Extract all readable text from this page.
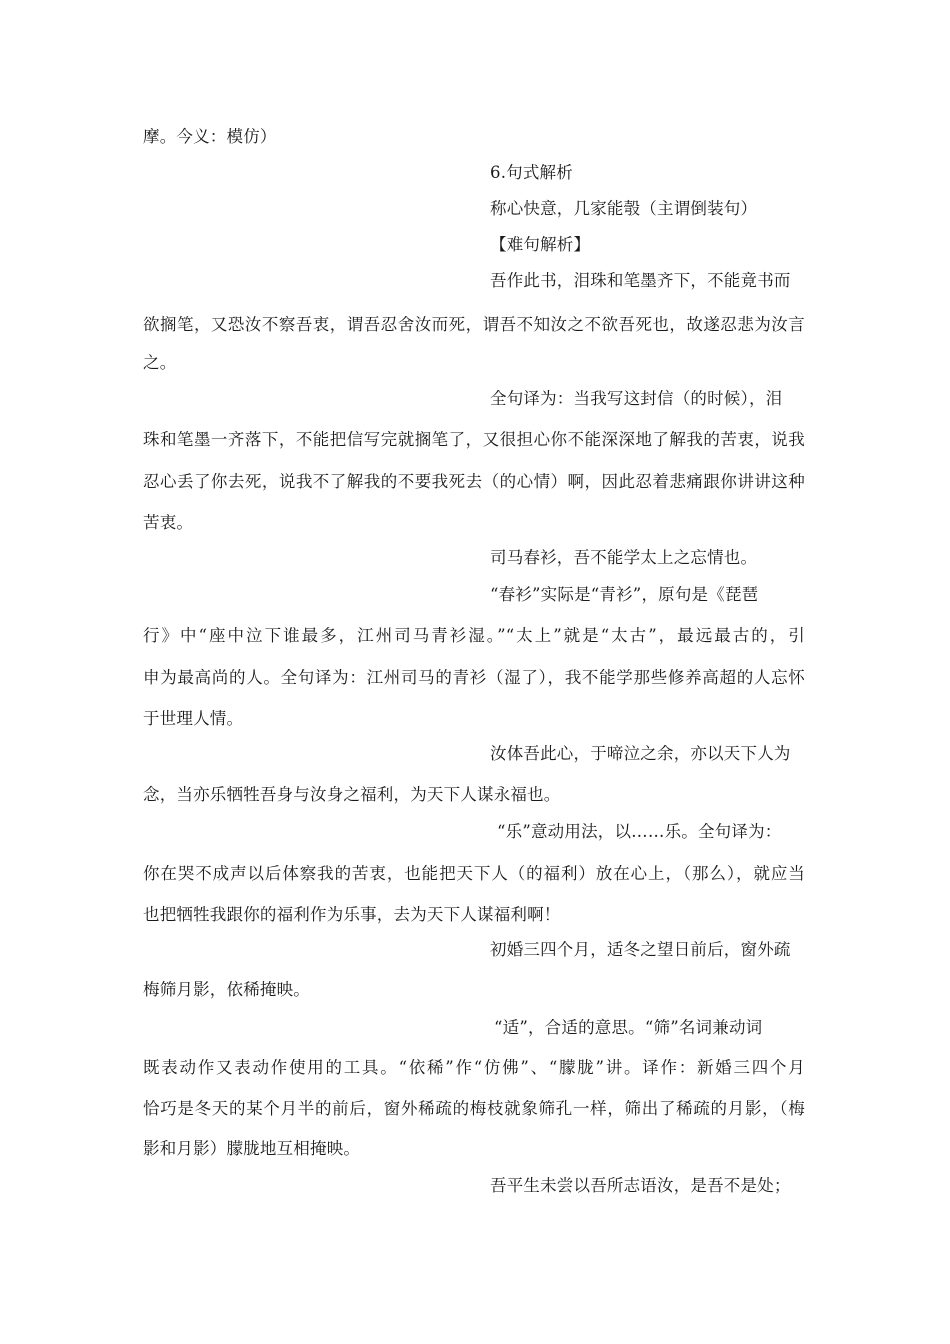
摩。今义：模仿）
6.句式解析
称心快意，几家能彀（主谓倒装句）
【难句解析】
吾作此书，泪珠和笔墨齐下，不能竟书而
欲搁笔，又恐汝不察吾衷，谓吾忍舍汝而死，谓吾不知汝之不欲吾死也，故遂忍悲为汝言
之。
全句译为：当我写这封信（的时候），泪
珠和笔墨一齐落下，不能把信写完就搁笔了，又很担心你不能深深地了解我的苦衷，说我
忍心丢了你去死，说我不了解我的不要我死去（的心情）啊，因此忍着悲痛跟你讲讲这种
苦衷。
司马春衫，吾不能学太上之忘情也。
“春衫”实际是“青衫”，原句是《琵琶
行》中“座中泣下谁最多，江州司马青衫湿。”“太上”就是“太古”，最远最古的，引
申为最高尚的人。全句译为：江州司马的青衫（湿了），我不能学那些修养高超的人忘怀
于世理人情。
汝体吾此心，于啼泣之余，亦以天下人为
念，当亦乐牺牲吾身与汝身之福利，为天下人谋永福也。
“乐”意动用法，以……乐。全句译为：
你在哭不成声以后体察我的苦衷，也能把天下人（的福利）放在心上，（那么），就应当
也把牺牲我跟你的福利作为乐事，去为天下人谋福利啊！
初婚三四个月，适冬之望日前后，窗外疏
梅筛月影，依稀掩映。
“适”，合适的意思。“筛”名词兼动词
既表动作又表动作使用的工具。“依稀”作“仿佛”、“朦胧”讲。译作：新婚三四个月
恰巧是冬天的某个月半的前后，窗外稀疏的梅枝就象筛孔一样，筛出了稀疏的月影，（梅
影和月影）朦胧地互相掩映。
吾平生未尝以吾所志语汝，是吾不是处；
